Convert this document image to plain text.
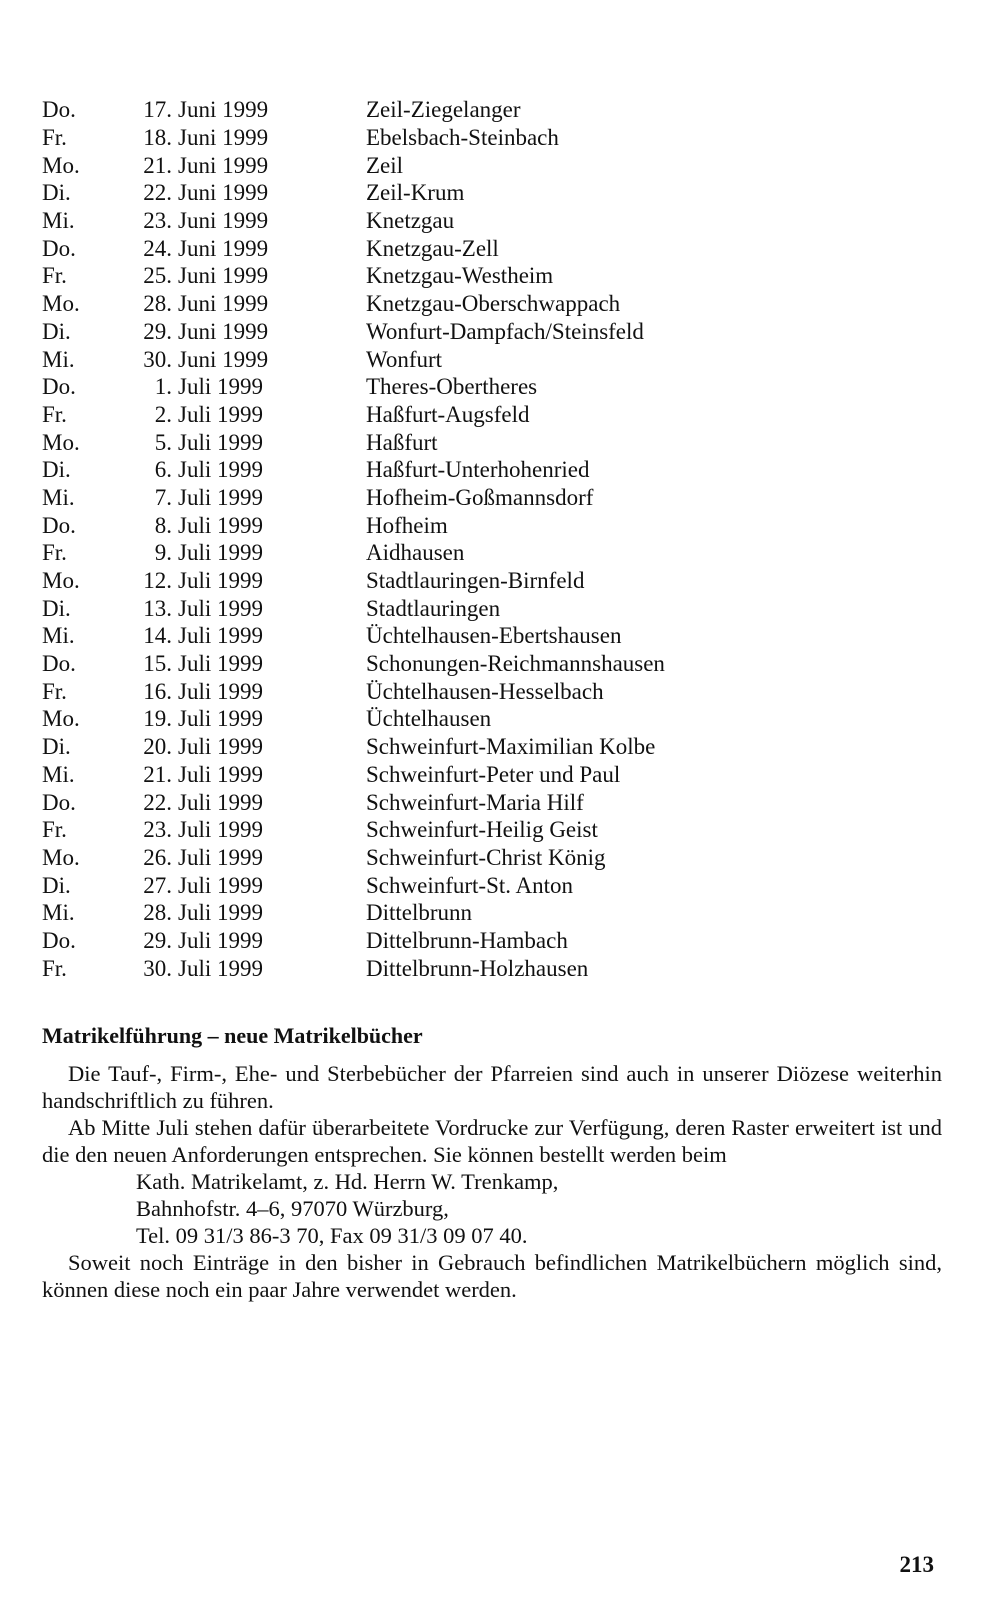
Do.	17. Juni 1999	Zeil-Ziegelanger
Fr.	18. Juni 1999	Ebelsbach-Steinbach
Mo.	21. Juni 1999	Zeil
Di.	22. Juni 1999	Zeil-Krum
Mi.	23. Juni 1999	Knetzgau
Do.	24. Juni 1999	Knetzgau-Zell
Fr.	25. Juni 1999	Knetzgau-Westheim
Mo.	28. Juni 1999	Knetzgau-Oberschwappach
Di.	29. Juni 1999	Wonfurt-Dampfach/Steinsfeld
Mi.	30. Juni 1999	Wonfurt
Do.	1. Juli 1999	Theres-Obertheres
Fr.	2. Juli 1999	Haßfurt-Augsfeld
Mo.	5. Juli 1999	Haßfurt
Di.	6. Juli 1999	Haßfurt-Unterhohenried
Mi.	7. Juli 1999	Hofheim-Goßmannsdorf
Do.	8. Juli 1999	Hofheim
Fr.	9. Juli 1999	Aidhausen
Mo.	12. Juli 1999	Stadtlauringen-Birnfeld
Di.	13. Juli 1999	Stadtlauringen
Mi.	14. Juli 1999	Üchtelhausen-Ebertshausen
Do.	15. Juli 1999	Schonungen-Reichmannshausen
Fr.	16. Juli 1999	Üchtelhausen-Hesselbach
Mo.	19. Juli 1999	Üchtelhausen
Di.	20. Juli 1999	Schweinfurt-Maximilian Kolbe
Mi.	21. Juli 1999	Schweinfurt-Peter und Paul
Do.	22. Juli 1999	Schweinfurt-Maria Hilf
Fr.	23. Juli 1999	Schweinfurt-Heilig Geist
Mo.	26. Juli 1999	Schweinfurt-Christ König
Di.	27. Juli 1999	Schweinfurt-St. Anton
Mi.	28. Juli 1999	Dittelbrunn
Do.	29. Juli 1999	Dittelbrunn-Hambach
Fr.	30. Juli 1999	Dittelbrunn-Holzhausen
Matrikelführung – neue Matrikelbücher

Die Tauf-, Firm-, Ehe- und Sterbebücher der Pfarreien sind auch in unserer Diözese weiterhin handschriftlich zu führen.

Ab Mitte Juli stehen dafür überarbeitete Vordrucke zur Verfügung, deren Raster erweitert ist und die den neuen Anforderungen entsprechen. Sie können bestellt werden beim

Kath. Matrikelamt, z. Hd. Herrn W. Trenkamp,

Bahnhofstr. 4–6, 97070 Würzburg,

Tel. 09 31/3 86-3 70, Fax 09 31/3 09 07 40.

Soweit noch Einträge in den bisher in Gebrauch befindlichen Matrikelbüchern möglich sind, können diese noch ein paar Jahre verwendet werden.

213
